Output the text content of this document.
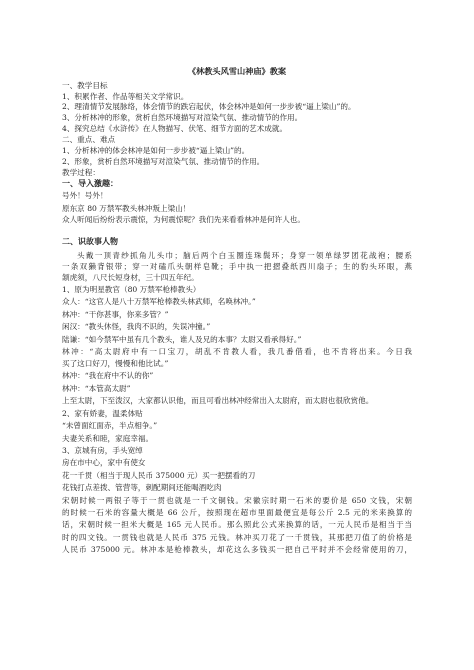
《林教头风雪山神庙》教案
一、教学目标
1、积累作者、作品等相关文学常识。
2、理清情节发展脉络，体会情节的跌宕起伏，体会林冲是如何一步步被“逼上梁山”的。
3、分析林冲的形象，赏析自然环境描写对渲染气氛、推动情节的作用。
4、探究总结《水浒传》在人物描写、伏笔、细节方面的艺术成就。
二、重点、难点
1、分析林冲的体会林冲是如何一步步被“逼上梁山”的。
2、形象，赏析自然环境描写对渲染气氛、推动情节的作用。
教学过程：
一、导入激趣：
号外！号外！
原东京 80 万禁军教头林冲叛上梁山！
众人听闻后纷纷表示震惊，为何震惊呢？我们先来看看林冲是何许人也。
二、识故事人物
头戴一顶青纱抓角儿头巾；脑后两个白玉圈连珠鬓环；身穿一领单绿罗团花战袍；腰系
一条双獭背银带；穿一对磕爪头朝样皂靴；手中执一把摺叠纸西川扇子；生的豹头环眼，燕
颔虎须，八尺长短身材，三十四五年纪。
1、原为明星教官（80 万禁军枪棒教头）
众人：“这官人是八十万禁军枪棒教头林武师，名唤林冲。”
林冲：“干你甚事，你来多管？”
闲汉：“教头休怪，我肉不识的，失误冲撞。”
陆谦：“如今禁军中虽有几个教头，谁人及兄的本事？太尉又看承得好。”
林冲：“高太尉府中有一口宝刀，胡乱不肯教人看，我几番借看，也不肯将出来。今日我
买了这口好刀，慢慢和他比试。”
林冲：“我在府中不认的你”
林冲：“本管高太尉”
上至太尉，下至泼汉，大家都认识他，而且可看出林冲经常出入太尉府，而太尉也很欣赏他。
2、家有娇妻，温柔体贴
“未曾面红面赤，半点相争。”
夫妻关系和睦，家庭幸福。
3、京城有房，手头宽绰
房在市中心，家中有使女
花一千贯（相当于现人民币 375000 元）买一把摆看的刀
花钱打点差拨、管营等，刺配期间还能喝酒吃肉
宋朝时候一两银子等于一贯也就是一千文铜钱。宋徽宗时期一石米的要价是 650 文钱，宋朝
的时候一石米的容量大概是 66 公斤，按照现在超市里面最便宜是每公斤 2.5 元的米来换算的
话，宋朝时候一担米大概是 165 元人民币。那么照此公式来换算的话，一元人民币是相当于当
时的四文钱。一贯钱也就是人民币 375 元钱。林冲买刀花了一千贯钱，其那把刀值了的价格是
人民币 375000 元。林冲本是枪棒教头，却花这么多钱买一把自己平时并不会经常使用的刀，
